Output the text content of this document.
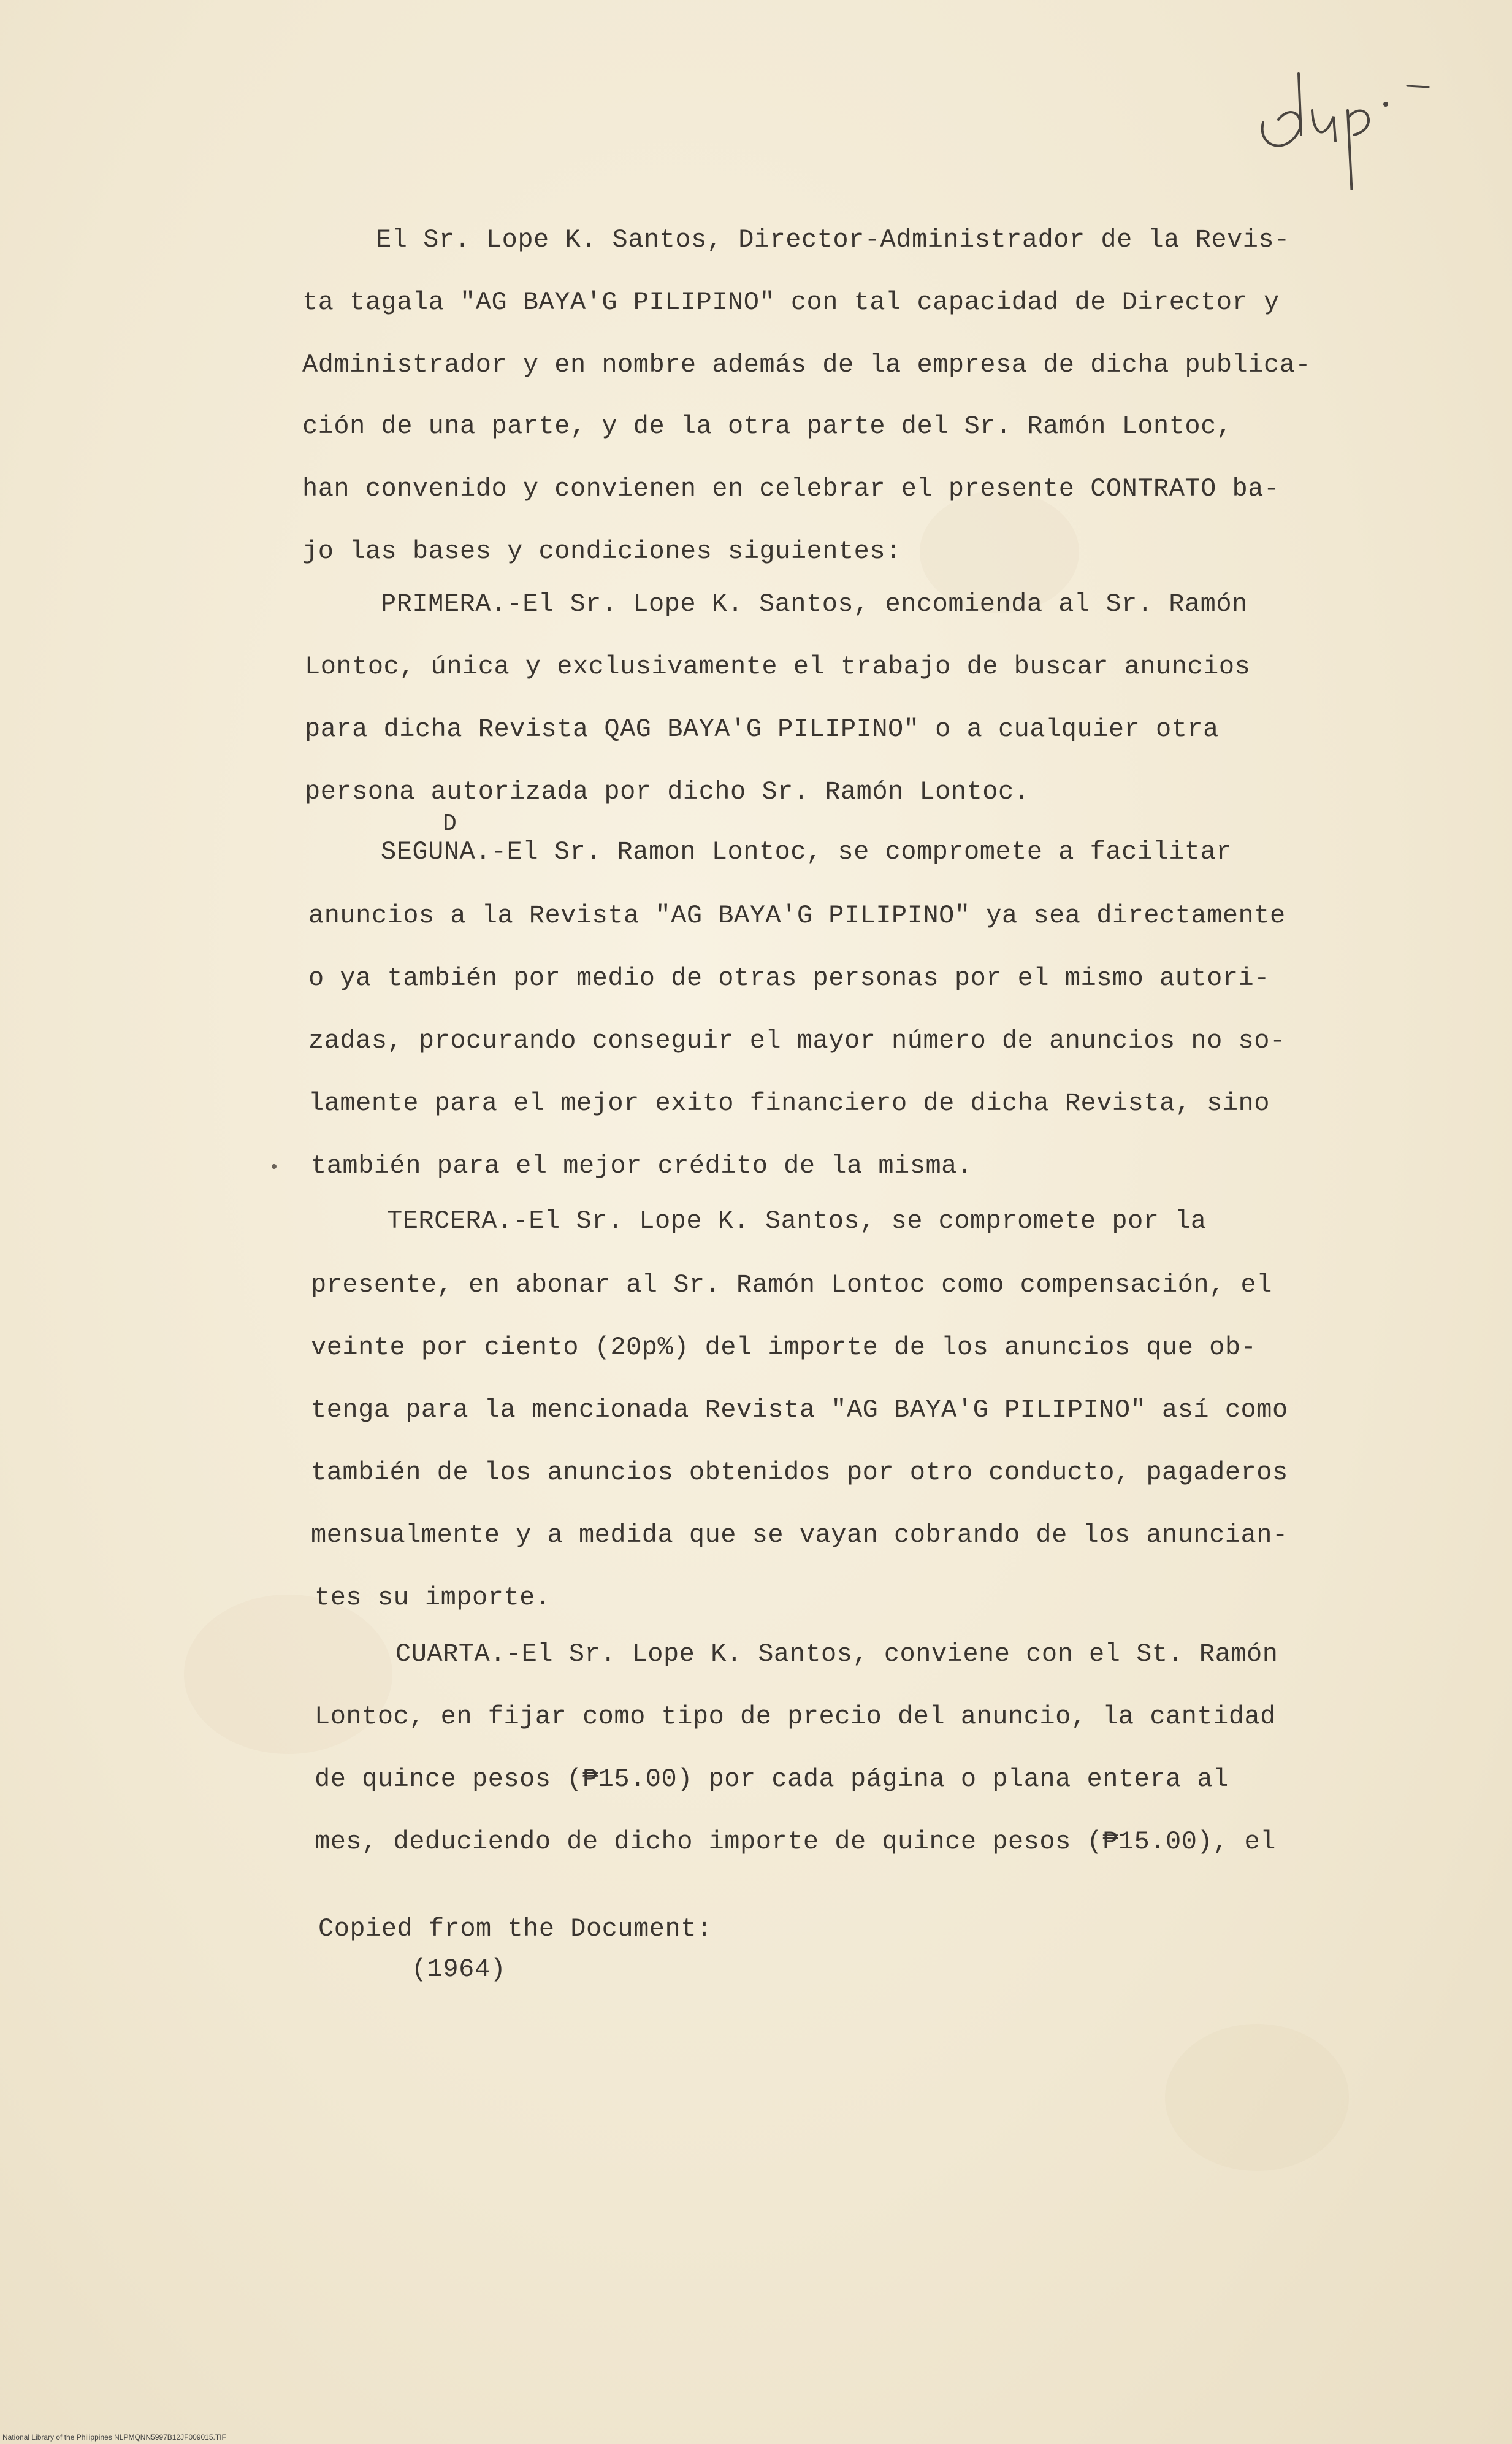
El Sr. Lope K. Santos, Director-Administrador de la Revis-
ta tagala "AG BAYA'G PILIPINO" con tal capacidad de Director y
Administrador y en nombre además de la empresa de dicha publica-
ción de una parte, y de la otra parte del Sr. Ramón Lontoc,
han convenido y convienen en celebrar el presente CONTRATO ba-
jo las bases y condiciones siguientes:
PRIMERA.-El Sr. Lope K. Santos, encomienda al Sr. Ramón
Lontoc, única y exclusivamente el trabajo de buscar anuncios
para dicha Revista QAG BAYA'G PILIPINO" o a cualquier otra
persona autorizada por dicho Sr. Ramón Lontoc.
D
SEGUNA.-El Sr. Ramon Lontoc, se compromete a facilitar
anuncios a la Revista "AG BAYA'G PILIPINO" ya sea directamente
o ya también por medio de otras personas por el mismo autori-
zadas, procurando conseguir el mayor número de anuncios no so-
lamente para el mejor exito financiero de dicha Revista, sino
también para el mejor crédito de la misma.
TERCERA.-El Sr. Lope K. Santos, se compromete por la
presente, en abonar al Sr. Ramón Lontoc como compensación, el
veinte por ciento (20p%) del importe de los anuncios que ob-
tenga para la mencionada Revista "AG BAYA'G PILIPINO" así como
también de los anuncios obtenidos por otro conducto, pagaderos
mensualmente y a medida que se vayan cobrando de los anuncian-
tes su importe.
CUARTA.-El Sr. Lope K. Santos, conviene con el St. Ramón
Lontoc, en fijar como tipo de precio del anuncio, la cantidad
de quince pesos (₱15.00) por cada página o plana entera al
mes, deduciendo de dicho importe de quince pesos (₱15.00), el
Copied from the Document:
(1964)
National Library of the Philippines NLPMQNN5997B12JF009015.TIF
